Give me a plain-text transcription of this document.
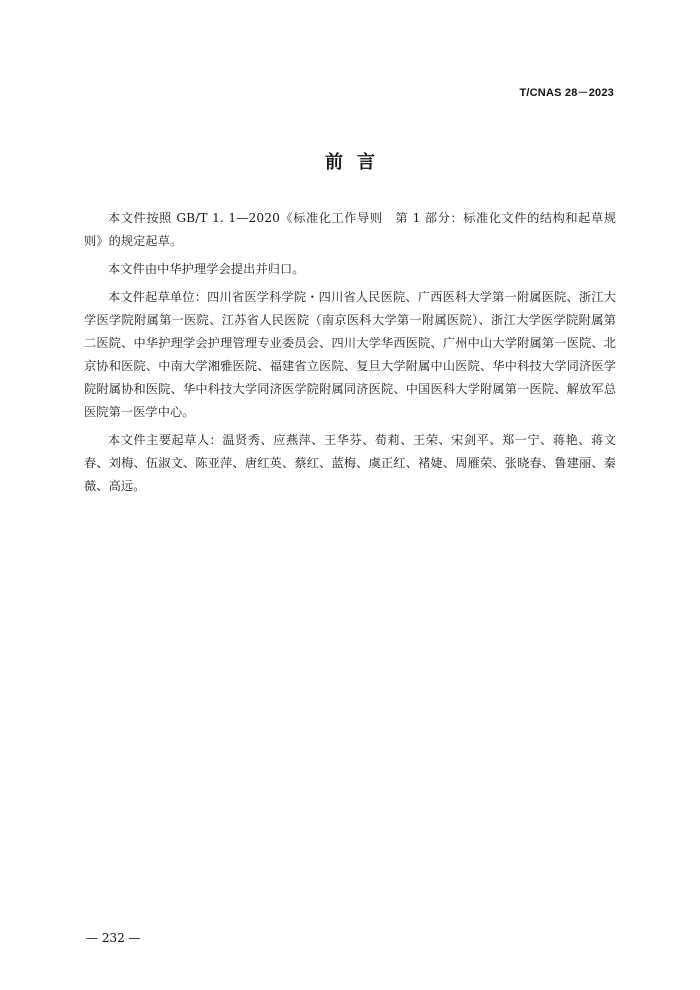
T/CNAS 28－2023
前言

本文件按照 GB/T 1. 1—2020《标准化工作导则　第 1 部分：标准化文件的结构和起草规则》的规定起草。

本文件由中华护理学会提出并归口。

本文件起草单位：四川省医学科学院・四川省人民医院、广西医科大学第一附属医院、浙江大学医学院附属第一医院、江苏省人民医院（南京医科大学第一附属医院）、浙江大学医学院附属第二医院、中华护理学会护理管理专业委员会、四川大学华西医院、广州中山大学附属第一医院、北京协和医院、中南大学湘雅医院、福建省立医院、复旦大学附属中山医院、华中科技大学同济医学院附属协和医院、华中科技大学同济医学院附属同济医院、中国医科大学附属第一医院、解放军总医院第一医学中心。

本文件主要起草人：温贤秀、应燕萍、王华芬、荀莉、王荣、宋剑平、郑一宁、蒋艳、蒋文春、刘梅、伍淑文、陈亚萍、唐红英、蔡红、蓝梅、虞正红、褚婕、周雁荣、张晓春、鲁建丽、秦薇、高远。

— 232 —
